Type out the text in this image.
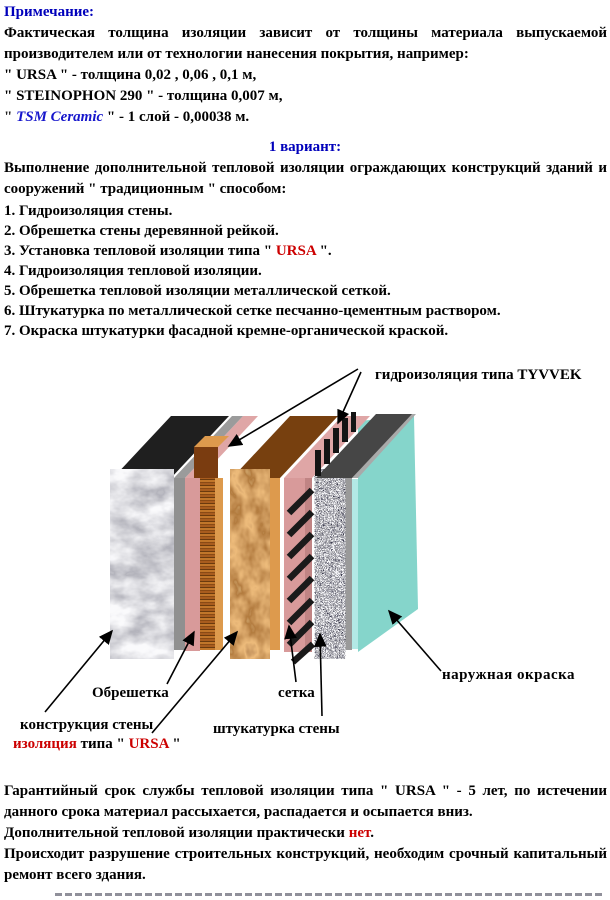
Примечание:

Фактическая толщина изоляции зависит от толщины материала выпускаемой производителем или от технологии нанесения покрытия, например:

" URSA " - толщина 0,02 , 0,06 , 0,1 м,
" STEINOPHON 290 " - толщина 0,007 м,
" TSM Ceramic " - 1 слой - 0,00038 м.
1 вариант:

Выполнение дополнительной тепловой изоляции ограждающих конструкций зданий и сооружений " традиционным " способом:

1. Гидроизоляция стены.
2. Обрешетка стены деревянной рейкой.
3. Установка тепловой изоляции типа " URSA ".
4. Гидроизоляция тепловой изоляции.
5. Обрешетка тепловой изоляции металлической сеткой.
6. Штукатурка по металлической сетке песчанно-цементным раствором.
7. Окраска штукатурки фасадной кремне-органической краской.
гидроизоляция типа TYVVEK
Обрешетка	сетка
наружная окраска
конструкция стены	штукатурка стены
изоляция типа " URSA "

Гарантийный срок службы тепловой изоляции типа " URSA " - 5 лет, по истечении данного срока материал рассыхается, распадается и осыпается вниз.

Дополнительной тепловой изоляции практически нет.

Происходит разрушение строительных конструкций, необходим срочный капитальный ремонт всего здания.
